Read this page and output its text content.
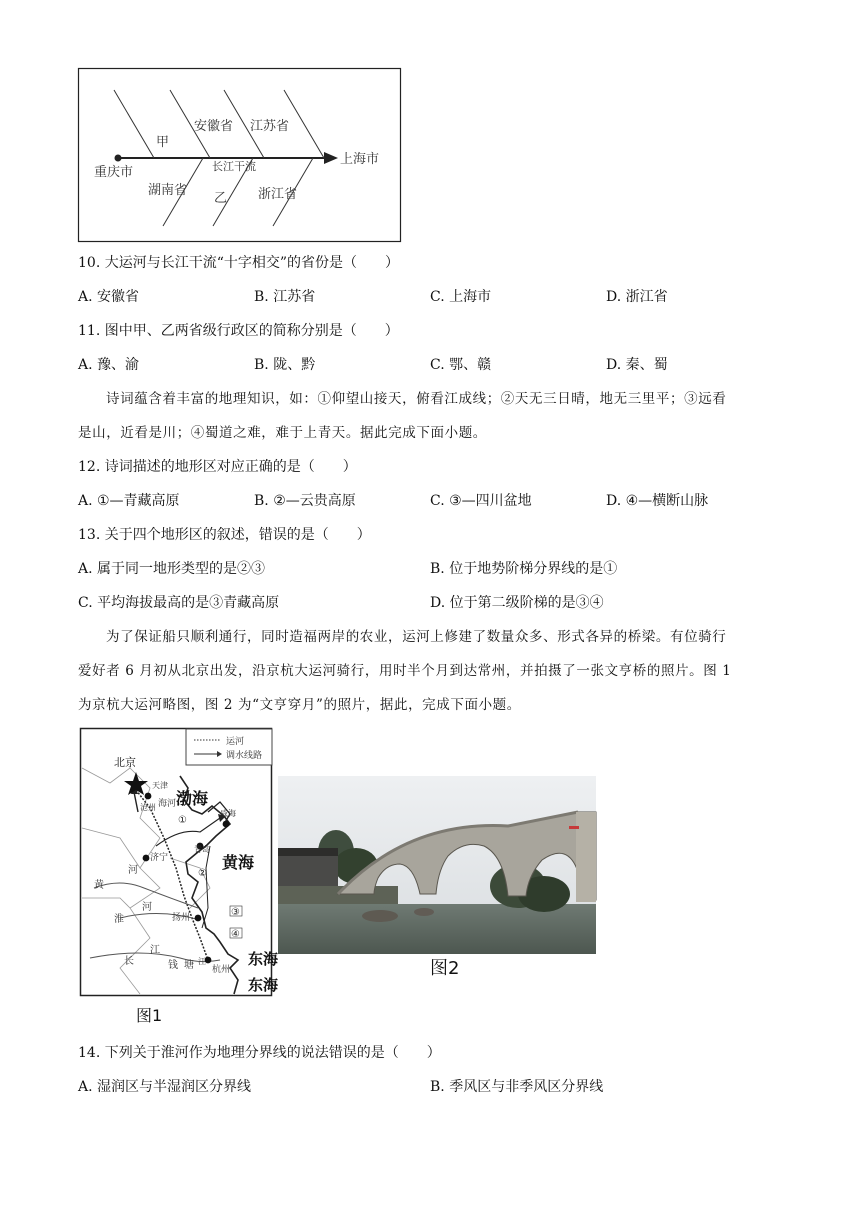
重庆市
上海市
长江干流
甲
安徽省 江苏省
湖南省
乙 浙江省
10. 大运河与长江干流“十字相交”的省份是（　　）
A. 安徽省	B. 江苏省	C. 上海市	D. 浙江省
11. 图中甲、乙两省级行政区的简称分别是（　　）
A. 豫、渝	B. 陇、黔	C. 鄂、赣	D. 秦、蜀
诗词蕴含着丰富的地理知识，如：①仰望山接天，俯看江成线；②天无三日晴，地无三里平；③远看
是山，近看是川；④蜀道之难，难于上青天。据此完成下面小题。
12. 诗词描述的地形区对应正确的是（　　）
A. ①—青藏高原	B. ②—云贵高原	C. ③—四川盆地	D. ④—横断山脉
13. 关于四个地形区的叙述，错误的是（　　）
A. 属于同一地形类型的是②③	B. 位于地势阶梯分界线的是①
C. 平均海拔最高的是③青藏高原	D. 位于第二级阶梯的是③④
为了保证船只顺利通行，同时造福两岸的农业，运河上修建了数量众多、形式各异的桥梁。有位骑行
爱好者 6 月初从北京出发，沿京杭大运河骑行，用时半个月到达常州，并拍摄了一张文亨桥的照片。图 1
为京杭大运河略图，图 2 为“文亨穿月”的照片，据此，完成下面小题。
运河
调水线路
①
②
③
④
北京
天津
沧州
济宁
扬州
杭州
青岛
威海
渤海
黄海
东海
东海
海河
黄
河
淮
河
长
江
钱 塘 江
图1
图2
14. 下列关于淮河作为地理分界线的说法错误的是（　　）
A. 湿润区与半湿润区分界线	B. 季风区与非季风区分界线
